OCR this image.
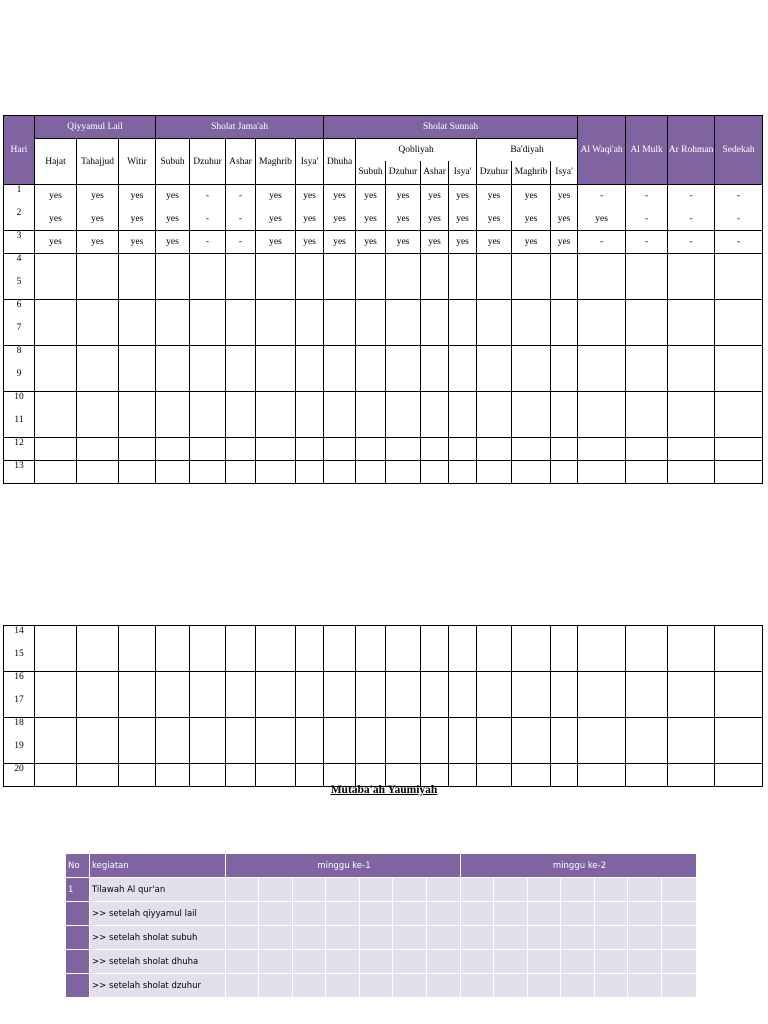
Hari	Qiyyamul Lail			Sholat Jama'ah					Sholat Sunnah								Al Waqi'ah	Al Mulk	Ar Rohman	Sedekah
	Hajat	Tahajjud	Witir	Subuh	Dzuhur	Ashar	Maghrib	Isya'	Dhuha	Qobliyah				Ba'diyah						
										Subuh	Dzuhur	Ashar	Isya'	Dzuhur	Maghrib	Isya'				
1	yes	yes	yes	yes	-	-	yes	yes	yes	yes	yes	yes	yes	yes	yes	yes	-	-	-	-
2	yes	yes	yes	yes	-	-	yes	yes	yes	yes	yes	yes	yes	yes	yes	yes	yes	-	-	-
3	yes	yes	yes	yes	-	-	yes	yes	yes	yes	yes	yes	yes	yes	yes	yes	-	-	-	-
4																				
5																				
6																				
7																				
8																				
9																				
10																				
11																				
12																				
13																				
14																				
15																				
16																				
17																				
18																				
19																				
20																				
Mutaba'ah Yaumiyah
No	kegiatan	minggu ke-1							minggu ke-2						
1	Tilawah Al qur'an														
	>> setelah qiyyamul lail														
	>> setelah sholat subuh														
	>> setelah sholat dhuha														
	>> setelah sholat dzuhur														
